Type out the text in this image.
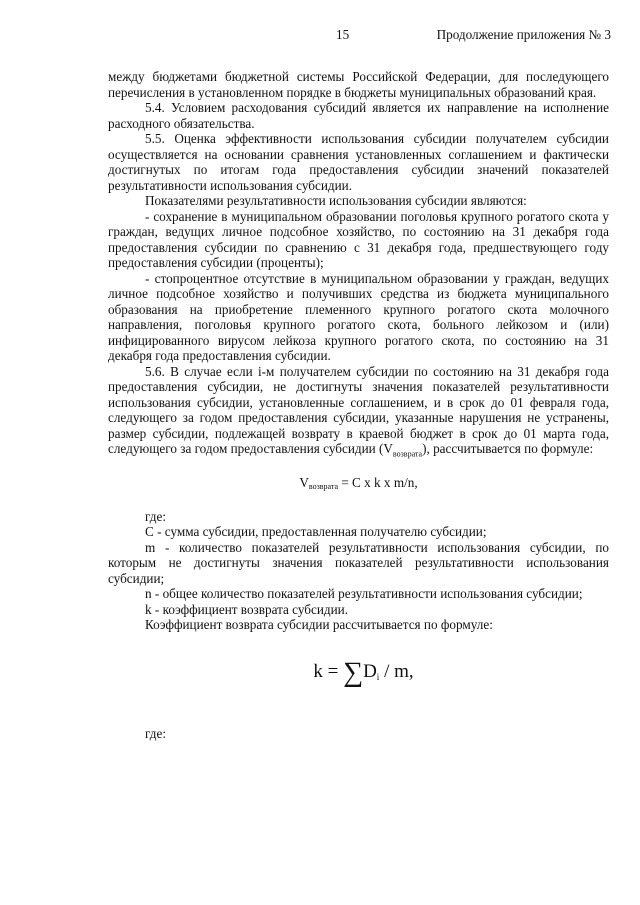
15	Продолжение приложения № 3

между бюджетами бюджетной системы Российской Федерации, для последующего перечисления в установленном порядке в бюджеты муниципальных образований края.

5.4. Условием расходования субсидий является их направление на исполнение расходного обязательства.

5.5. Оценка эффективности использования субсидии получателем субсидии осуществляется на основании сравнения установленных соглашением и фактически достигнутых по итогам года предоставления субсидии значений показателей результативности использования субсидии.

Показателями результативности использования субсидии являются:

- сохранение в муниципальном образовании поголовья крупного рогатого скота у граждан, ведущих личное подсобное хозяйство, по состоянию на 31 декабря года предоставления субсидии по сравнению с 31 декабря года, предшествующего году предоставления субсидии (проценты);

- стопроцентное отсутствие в муниципальном образовании у граждан, ведущих личное подсобное хозяйство и получивших средства из бюджета муниципального образования на приобретение племенного крупного рогатого скота молочного направления, поголовья крупного рогатого скота, больного лейкозом и (или) инфицированного вирусом лейкоза крупного рогатого скота, по состоянию на 31 декабря года предоставления субсидии.

5.6. В случае если i-м получателем субсидии по состоянию на 31 декабря года предоставления субсидии, не достигнуты значения показателей результативности использования субсидии, установленные соглашением, и в срок до 01 февраля года, следующего за годом предоставления субсидии, указанные нарушения не устранены, размер субсидии, подлежащей возврату в краевой бюджет в срок до 01 марта года, следующего за годом предоставления субсидии $(V_{возврата})$, рассчитывается по формуле:

$V_{возврата} = C$ x k x m/n,

где:

C - сумма субсидии, предоставленная получателю субсидии;

m - количество показателей результативности использования субсидии, по которым не достигнуты значения показателей результативности использования субсидии;

n - общее количество показателей результативности использования субсидии;

k - коэффициент возврата субсидии.

Коэффициент возврата субсидии рассчитывается по формуле:

$k = \sum D_i / m$,

где:
